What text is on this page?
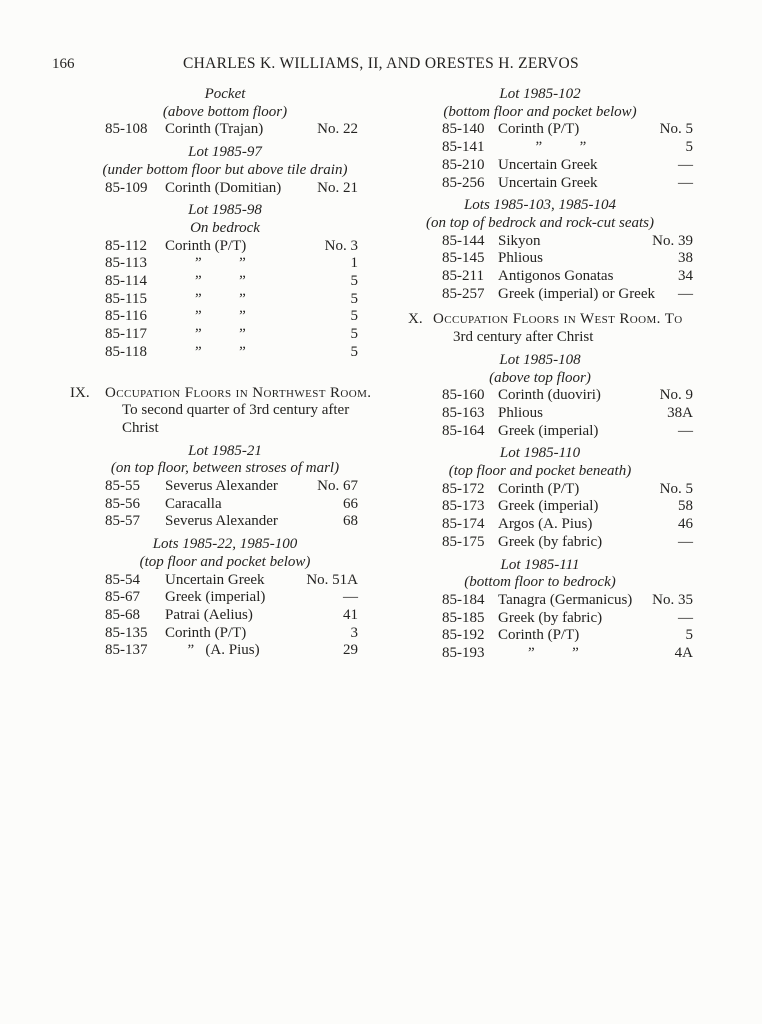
166	CHARLES K. WILLIAMS, II, AND ORESTES H. ZERVOS
Pocket
(above bottom floor)
85-108	Corinth (Trajan)	No. 22
Lot 1985-97
(under bottom floor but above tile drain)
85-109	Corinth (Domitian)	No. 21
Lot 1985-98
On bedrock
85-112	Corinth (P/T)	No. 3
85-113	”          ”	1
85-114	”          ”	5
85-115	”          ”	5
85-116	”          ”	5
85-117	”          ”	5
85-118	”          ”	5
IX.	Occupation Floors in Northwest Room.
To second quarter of 3rd century after
Christ
Lot 1985-21
(on top floor, between stroses of marl)
85-55	Severus Alexander	No. 67
85-56	Caracalla	66
85-57	Severus Alexander	68
Lots 1985-22, 1985-100
(top floor and pocket below)
85-54	Uncertain Greek	No. 51A
85-67	Greek (imperial)	—
85-68	Patrai (Aelius)	41
85-135	Corinth (P/T)	3
85-137	”   (A. Pius)	29
Lot 1985-102
(bottom floor and pocket below)
85-140 Corinth (P/T)	No. 5
85-141 ”          ”	5
85-210 Uncertain Greek	—
85-256 Uncertain Greek	—
Lots 1985-103, 1985-104
(on top of bedrock and rock-cut seats)
85-144 Sikyon	No. 39
85-145 Phlious	38
85-211 Antigonos Gonatas	34
85-257 Greek (imperial) or Greek	—
X. Occupation Floors in West Room. To
3rd century after Christ
Lot 1985-108
(above top floor)
85-160 Corinth (duoviri)	No. 9
85-163 Phlious	38A
85-164 Greek (imperial)	—
Lot 1985-110
(top floor and pocket beneath)
85-172 Corinth (P/T)	No. 5
85-173 Greek (imperial)	58
85-174 Argos (A. Pius)	46
85-175 Greek (by fabric)	—
Lot 1985-111
(bottom floor to bedrock)
85-184 Tanagra (Germanicus)	No. 35
85-185 Greek (by fabric)	—
85-192 Corinth (P/T)	5
85-193 ”          ”	4A
